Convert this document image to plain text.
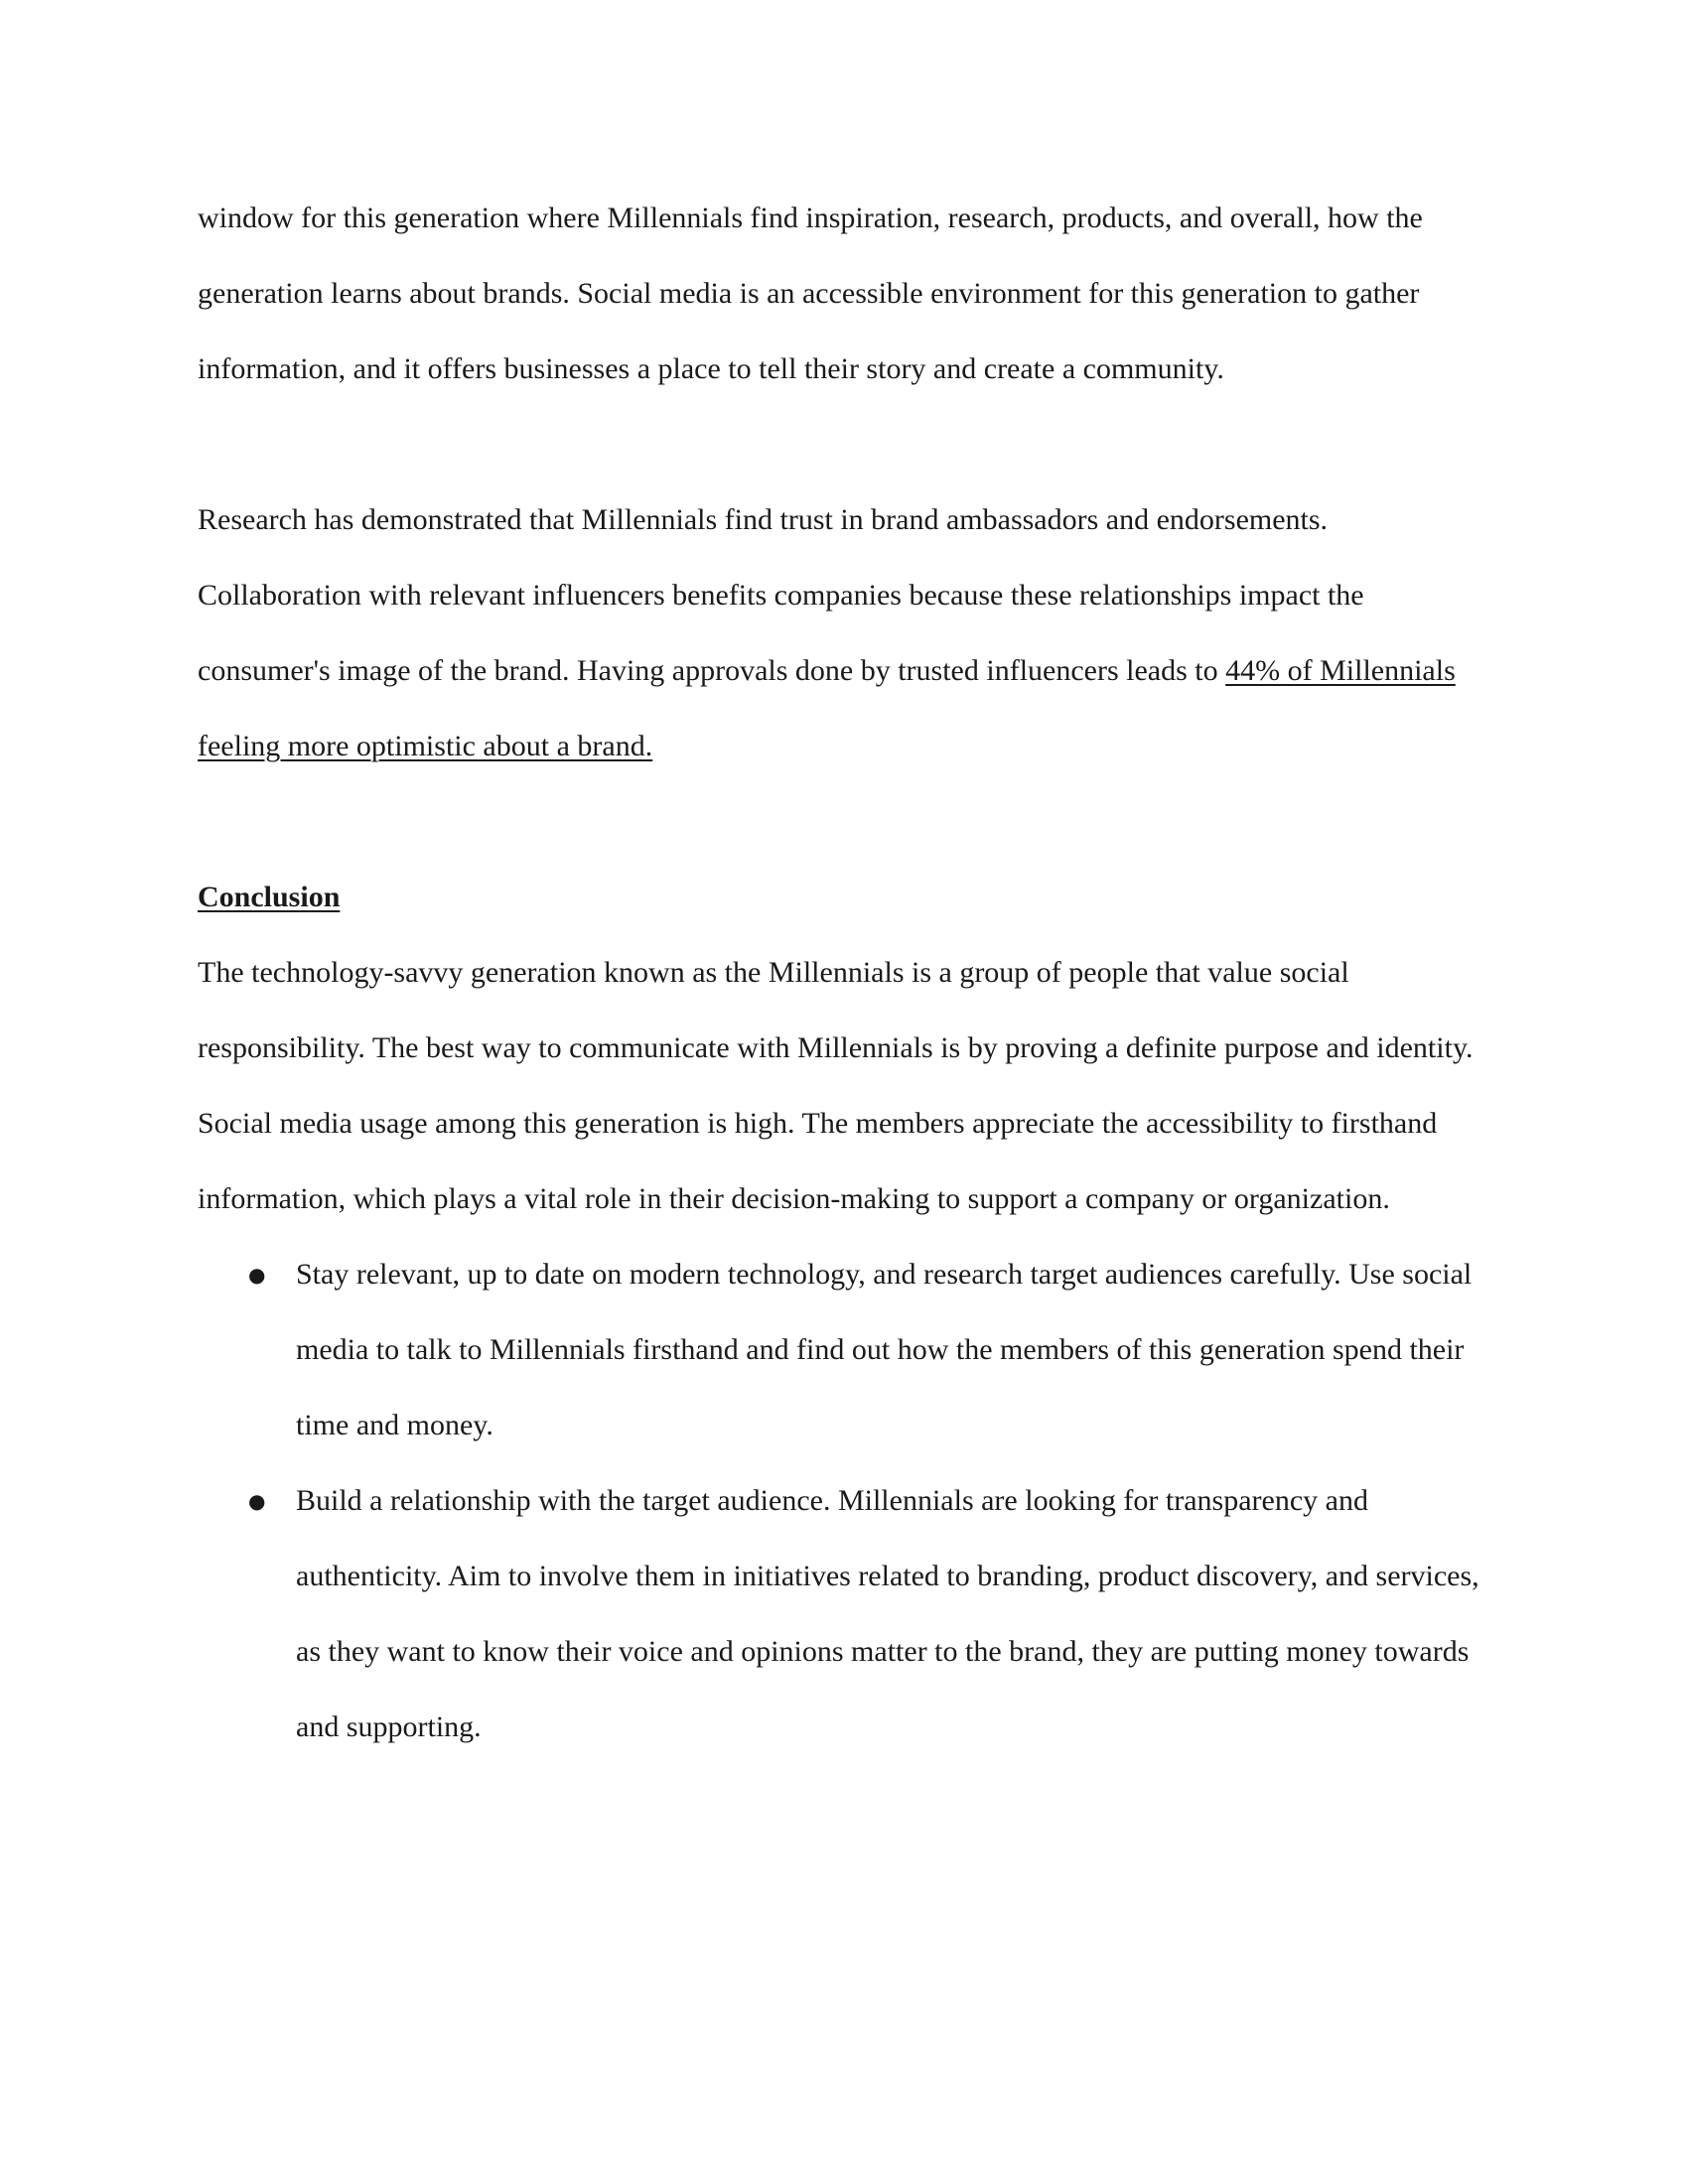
window for this generation where Millennials find inspiration, research, products, and overall, how the generation learns about brands. Social media is an accessible environment for this generation to gather information, and it offers businesses a place to tell their story and create a community.

Research has demonstrated that Millennials find trust in brand ambassadors and endorsements. Collaboration with relevant influencers benefits companies because these relationships impact the consumer's image of the brand. Having approvals done by trusted influencers leads to 44% of Millennials feeling more optimistic about a brand.

Conclusion

The technology-savvy generation known as the Millennials is a group of people that value social responsibility. The best way to communicate with Millennials is by proving a definite purpose and identity. Social media usage among this generation is high. The members appreciate the accessibility to firsthand information, which plays a vital role in their decision-making to support a company or organization.

● Stay relevant, up to date on modern technology, and research target audiences carefully. Use social media to talk to Millennials firsthand and find out how the members of this generation spend their time and money.
● Build a relationship with the target audience. Millennials are looking for transparency and authenticity. Aim to involve them in initiatives related to branding, product discovery, and services, as they want to know their voice and opinions matter to the brand, they are putting money towards and supporting.
